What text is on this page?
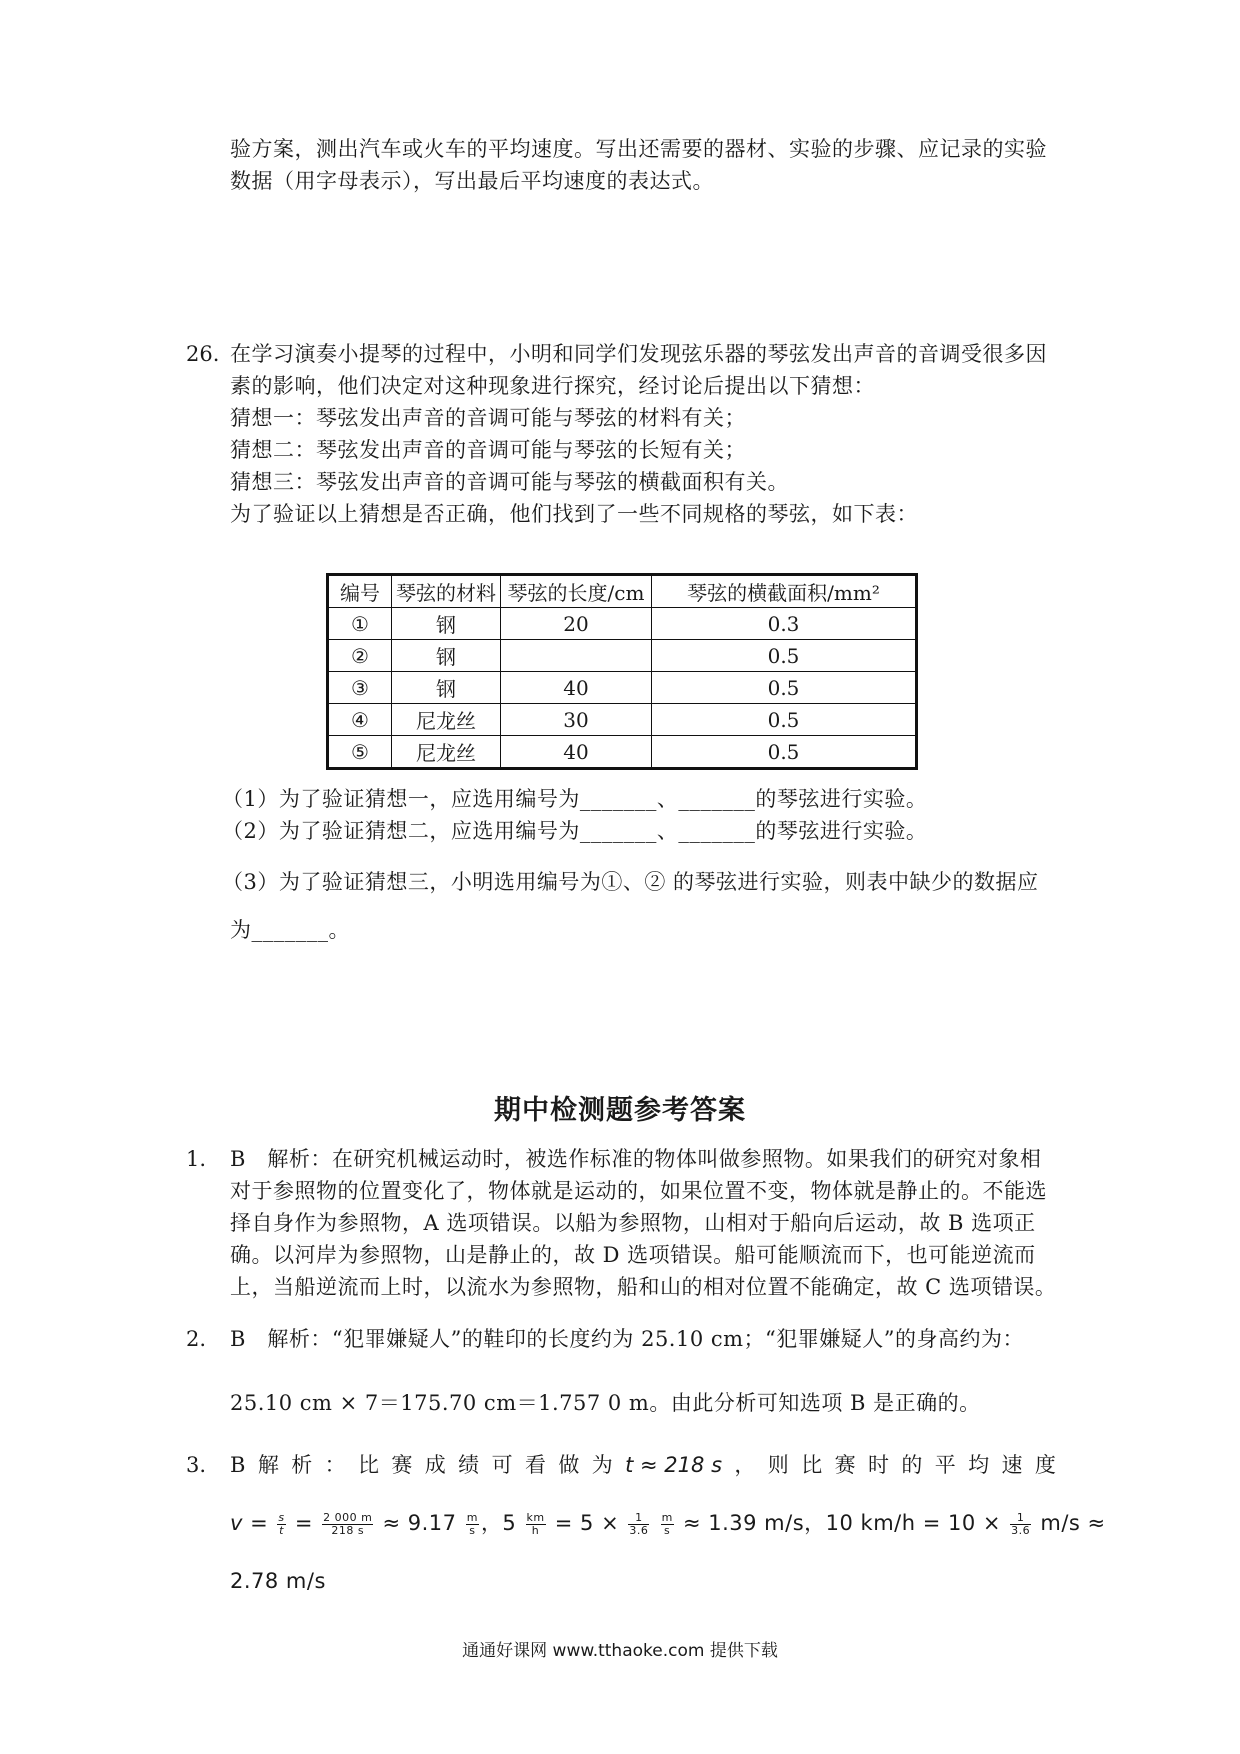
验方案，测出汽车或火车的平均速度。写出还需要的器材、实验的步骤、应记录的实验
数据（用字母表示），写出最后平均速度的表达式。
26. 在学习演奏小提琴的过程中，小明和同学们发现弦乐器的琴弦发出声音的音调受很多因
素的影响，他们决定对这种现象进行探究，经讨论后提出以下猜想：
猜想一：琴弦发出声音的音调可能与琴弦的材料有关；
猜想二：琴弦发出声音的音调可能与琴弦的长短有关；
猜想三：琴弦发出声音的音调可能与琴弦的横截面积有关。
为了验证以上猜想是否正确，他们找到了一些不同规格的琴弦，如下表：
编号	琴弦的材料	琴弦的长度/cm	琴弦的横截面积/mm²
①	钢	20	0.3
②	钢		0.5
③	钢	40	0.5
④	尼龙丝	30	0.5
⑤	尼龙丝	40	0.5
（1）为了验证猜想一，应选用编号为_______、_______的琴弦进行实验。
（2）为了验证猜想二，应选用编号为_______、_______的琴弦进行实验。
（3）为了验证猜想三，小明选用编号为①、② 的琴弦进行实验，则表中缺少的数据应
为_______。
期中检测题参考答案
1. B　解析：在研究机械运动时，被选作标准的物体叫做参照物。如果我们的研究对象相
对于参照物的位置变化了，物体就是运动的，如果位置不变，物体就是静止的。不能选
择自身作为参照物，A 选项错误。以船为参照物，山相对于船向后运动，故 B 选项正
确。以河岸为参照物，山是静止的，故 D 选项错误。船可能顺流而下，也可能逆流而
上，当船逆流而上时，以流水为参照物，船和山的相对位置不能确定，故 C 选项错误。
2. B　解析：“犯罪嫌疑人”的鞋印的长度约为 25.10 cm；“犯罪嫌疑人”的身高约为：
25.10 cm × 7＝175.70 cm＝1.757 0 m。由此分析可知选项 B 是正确的。
3. B 解 析 ： 比 赛 成 绩 可 看 做 为 t ≈ 218 s ， 则 比 赛 时 的 平 均 速 度
$v = \frac{s}{t} = \frac{2 000 m}{218 s} \approx 9.17 \frac{m}{s}$ ，$5 \frac{km}{h} = 5 \times \frac{1}{3.6}$
$\frac{m}{s} \approx 1.39$ m/s，10 $km/h = 10 \times \frac{1}{3.6} m/s$ ≈
2.78 m/s
通通好课网 www.tthaoke.com 提供下载
